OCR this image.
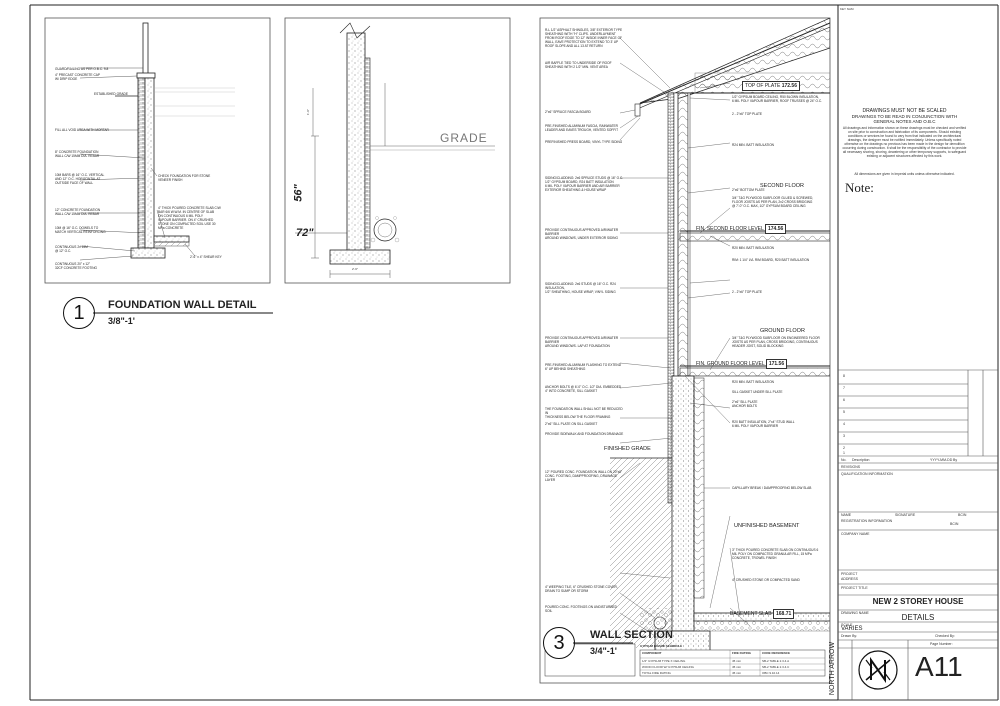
KEY NAM
GUARD/RAILING AS PER O.B.C. 9.8
4" PRECAST CONCRETE CAP
W/ DRIP EDGE
ESTABLISHED GRADE
FILL ALL VOID AREA WITH MORTAR
8" CONCRETE FOUNDATION
WALL C/W 15MM DIA. REBAR
10M BARS @ 16" O.C. VERTICAL
AND 12" O.C. HORIZONTAL AT
OUTSIDE FACE OF WALL
CHECK FOUNDATION FOR STONE
VENEER FINISH
12" CONCRETE FOUNDATION
WALL C/W 15MM DIA. REBAR
10M @ 16" O.C. DOWELS TO
MATCH VERTICAL REINFORCING
CONTINUOUS 2x 15M
@ 12" O.C.
CONTINUOUS 20" x 12"
32CF CONCRETE FOOTING
4" THICK POURED CONCRETE SLAB C/W
BAR 6/6 W.W.M. IN CENTRE OF SLAB
ON CONTINUOUS 6 MIL POLY
VAPOUR BARRIER. ON 4" CRUSHED
STONE ON COMPACTED SOIL USE 30
MPa CONCRETE
2'-6" x 4" SHEAR KEY
1	FOUNDATION WALL DETAIL
3/8"-1'
GRADE
56"
72"
1'-0"
2'-6"
TOP OF PLATE 172.56
FIN. SECOND FLOOR LEVEL 174.56
FIN. GROUND FLOOR LEVEL 171.56
BASEMENT SLAB 168.71
SECOND FLOOR
GROUND FLOOR
UNFINISHED BASEMENT
FINISHED GRADE
R-L 1/2" ASPHALT SHINGLES, 3/8" EXTERIOR TYPE
SHEATHING WITH "H" CLIPS. UNDERLAYMENT
FROM ROOF EDGE TO 12" INSIDE INNER FACE OF
WALL, EAVE PROTECTION TO EXTEND TO 3' UP
ROOF SLOPE AND ALL 13 AT RETURN
AIR BAFFLE TIED TO UNDERSIDE OF ROOF
SHEATHING WITH 2 1/2" MIN. VENT AREA
2"x6" SPRUCE FASCIA BOARD
PRE-FINISHED ALUMINUM FASCIA, RAINWATER
LEADER AND EAVES TROUGH, VENTED SOFFIT
PREFINISHED PRESS BOARD, VINYL TYPE SIDING
SIDING/CLADDING: 2x6 SPRUCE STUDS @ 16" O.C.
1/2" GYPSUM BOARD, R24 BATT INSULATION
6 MIL POLY VAPOUR BARRIER AND AIR BARRIER
EXTERIOR SHEATHING & HOUSE WRAP
PROVIDE CONTINUOUS APPROVED AIR/WATER BARRIER
AROUND WINDOWS, UNDER EXTERIOR SIDING
SIDING/CLADDING: 2x6 STUDS @ 16" O.C. R24 INSULATION,
1/2" SHEATHING, HOUSE WRAP, VINYL SIDING
PROVIDE CONTINUOUS APPROVED AIR/WATER BARRIER
AROUND WINDOWS. LAP AT FOUNDATION
PRE-FINISHED ALUMINUM FLASHING TO EXTEND
6" UP BEHIND SHEATHING
ANCHOR BOLTS @ 6'-0" O.C. 1/2" DIA. EMBEDDED
4" INTO CONCRETE, SILL GASKET
THE FOUNDATION WALL SHALL NOT BE REDUCED IN
THICKNESS BELOW THE FLOOR FRAMING
2"x6" SILL PLATE ON SILL GASKET
PROVIDE SIDEWALK AND FOUNDATION DRAINAGE
12" POURED CONC. FOUNDATION WALL ON 20"x8"
CONC. FOOTING, DAMPPROOFING, DRAINAGE LAYER
4" WEEPING TILE, 6" CRUSHED STONE COVER,
DRAIN TO SUMP OR STORM
POURED CONC. FOOTINGS ON UNDISTURBED SOIL
1/2" GYPSUM BOARD CEILING, R50 BLOWN INSULATION,
6 MIL POLY VAPOUR BARRIER, ROOF TRUSSES @ 24" O.C.
2 - 2"x6" TOP PLATE
R24 MIN. BATT INSULATION
2"x6" BOTTOM PLATE
3/4" T&G PLYWOOD SUBFLOOR GLUED & SCREWED,
FLOOR JOISTS AS PER PLAN, 2x2 CROSS BRIDGING
@ 7'-0" O.C. MAX, 1/2" GYPSUM BOARD CEILING
R20 MIN. BATT INSULATION
RIM: 1 1/4" LVL RIM BOARD, R20 BATT INSULATION
2 - 2"x6" TOP PLATE
3/4" T&G PLYWOOD SUBFLOOR ON ENGINEERED FLOOR
JOISTS AS PER PLAN, CROSS BRIDGING, CONTINUOUS
HEADER JOIST, SOLID BLOCKING
R20 MIN. BATT INSULATION
SILL GASKET UNDER SILL PLATE
2"x6" SILL PLATE
ANCHOR BOLTS
R20 BATT INSULATION, 2"x4" STUD WALL
6 MIL POLY VAPOUR BARRIER
CAPILLARY BREAK / DAMPPROOFING BELOW SLAB
3" THICK POURED CONCRETE SLAB ON CONTINUOUS 6
MIL POLY ON COMPACTED GRANULAR FILL, 15 MPa
CONCRETE, TROWEL FINISH
4" CRUSHED STONE OR COMPACTED SAND
GYPSUM BOARD SCHEDULE
COMPONENT	FIRE RATING	CODE REFERENCE
1/2" GYPSUM TYPE X CEILING	45 min	SB-2 TABLE 2.3.4.A
WOOD FLOOR W/ GYPSUM CEILING	45 min	SB-2 TABLE 2.3.4.C
TOTAL FIRE RATING	45 min	OBC 9.10.14
3	WALL SECTION
3/4"-1'
DRAWINGS MUST NOT BE SCALED
DRAWINGS TO BE READ IN CONJUNCTION WITH GENERAL NOTES AND O.B.C
All drawings and information shown on these drawings must be checked and verified on site prior to construction and fabrication of its components. Should existing conditions or services be found to vary from that indicated on the architectural drawings, the designer must be notified immediately. Unless specifically noted otherwise on the drawings no previous has been made in the design for demolition occurring during construction. It shall be the responsibility of the contractor to provide all necessary shoring, shoring, dewatering or other temporary supports, to safeguard existing or adjacent structures affected by this work.
All dimensions are given in Imperial units unless otherwise indicated.
Note:
8
7
6
5
4
3
2
1
No. Description	YYYY-MM-DD By
REVISIONS
QUALIFICATION INFORMATION
NAME	SIGNATURE	BCIN
REGISTRATION INFORMATION
BCIN
COMPANY NAME
PROJECT
ADDRESS
PROJECT TITLE
NEW 2 STOREY HOUSE
DRAWING NAME	DETAILS
SCALE
VARIES
Drawn By:	Checked By:
Page Number:
NORTH ARROW	A11
